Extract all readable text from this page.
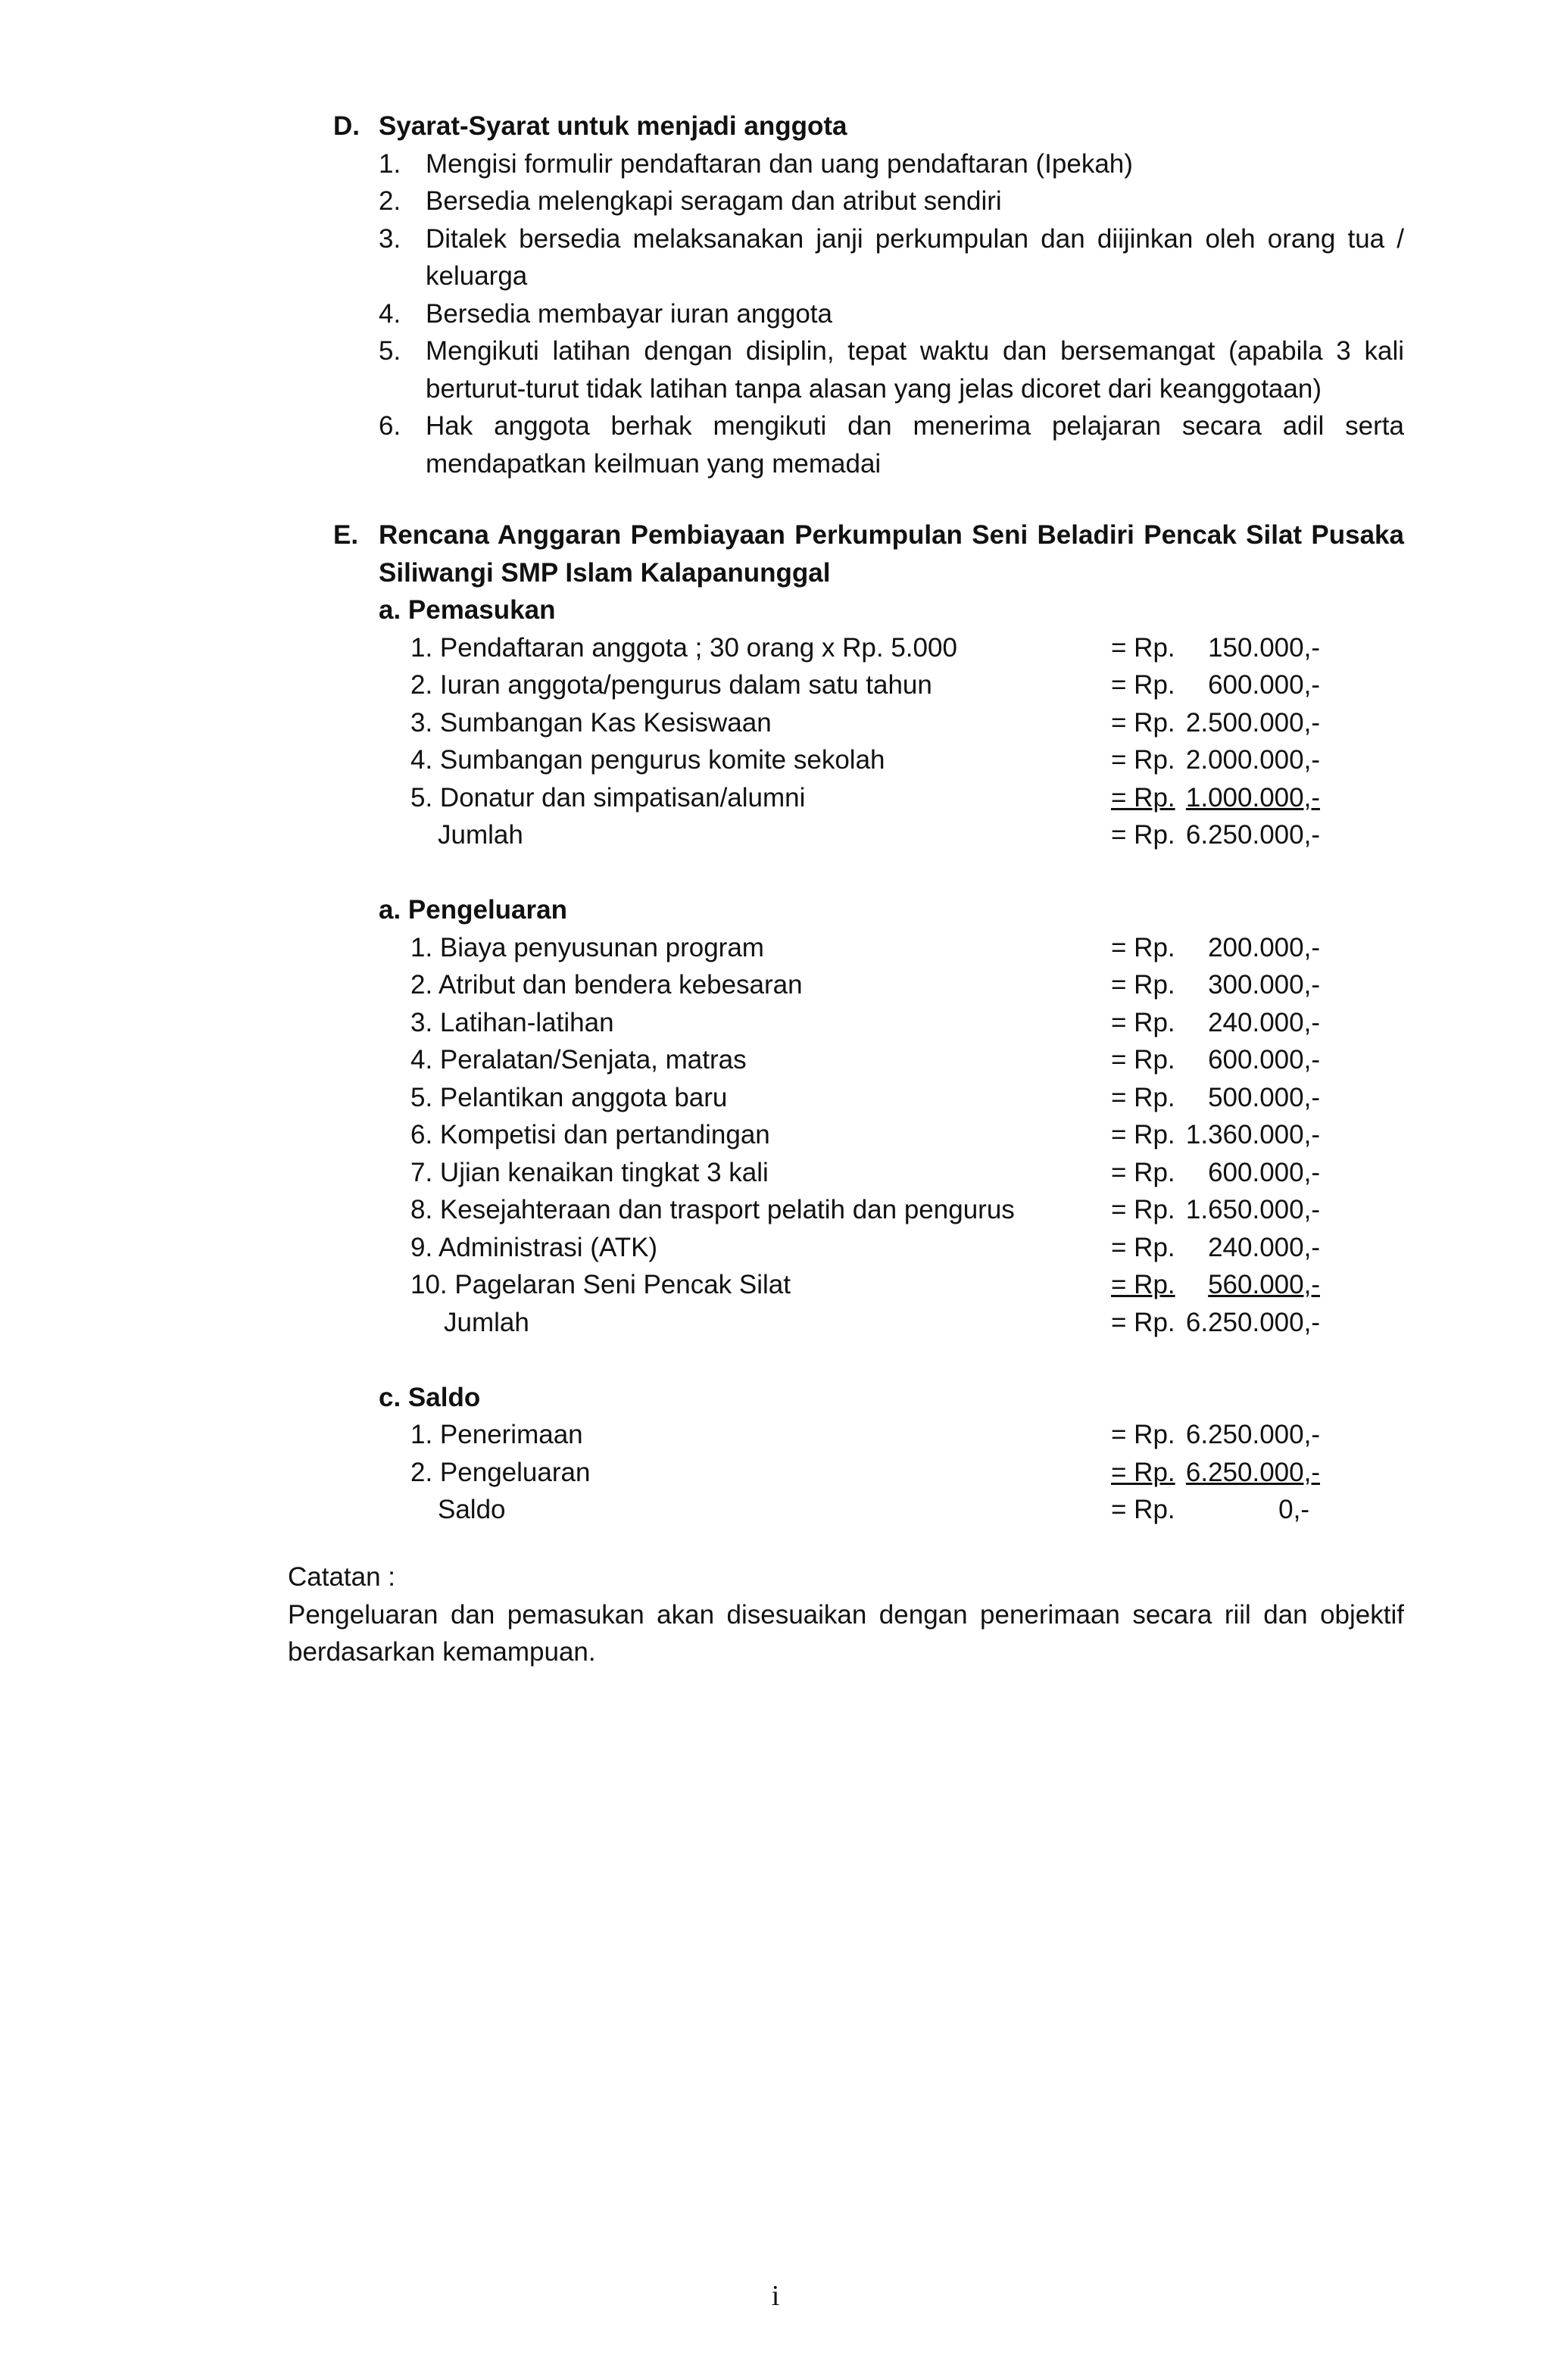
D. Syarat-Syarat untuk menjadi anggota
1. Mengisi formulir pendaftaran dan uang pendaftaran (Ipekah)
2. Bersedia melengkapi seragam dan atribut sendiri
3. Ditalek bersedia melaksanakan janji perkumpulan dan diijinkan oleh orang tua / keluarga
4. Bersedia membayar iuran anggota
5. Mengikuti latihan dengan disiplin, tepat waktu dan bersemangat (apabila 3 kali berturut-turut tidak latihan tanpa alasan yang jelas dicoret dari keanggotaan)
6. Hak anggota berhak mengikuti dan menerima pelajaran secara adil serta mendapatkan keilmuan yang memadai
E. Rencana Anggaran Pembiayaan Perkumpulan Seni Beladiri Pencak Silat Pusaka Siliwangi SMP Islam Kalapanunggal
a. Pemasukan
1. Pendaftaran anggota ; 30 orang x Rp. 5.000	= Rp.	150.000,-
2. Iuran anggota/pengurus dalam satu tahun	= Rp.	600.000,-
3. Sumbangan Kas Kesiswaan	= Rp. 2.500.000,-
4. Sumbangan pengurus komite sekolah	= Rp. 2.000.000,-
5. Donatur dan simpatisan/alumni	= Rp. 1.000.000,-
Jumlah	= Rp. 6.250.000,-
a. Pengeluaran
1. Biaya penyusunan program	= Rp.	200.000,-
2. Atribut dan bendera kebesaran	= Rp.	300.000,-
3. Latihan-latihan	= Rp.	240.000,-
4. Peralatan/Senjata, matras	= Rp.	600.000,-
5. Pelantikan anggota baru	= Rp.	500.000,-
6. Kompetisi dan pertandingan	= Rp. 1.360.000,-
7. Ujian kenaikan tingkat 3 kali	= Rp.	600.000,-
8. Kesejahteraan dan trasport pelatih dan pengurus	= Rp. 1.650.000,-
9. Administrasi (ATK)	= Rp.	240.000,-
10. Pagelaran Seni Pencak Silat	= Rp.	560.000,-
Jumlah	= Rp. 6.250.000,-
c. Saldo
1. Penerimaan	= Rp. 6.250.000,-
2. Pengeluaran	= Rp. 6.250.000,-
Saldo	= Rp.	0,-
Catatan :
Pengeluaran dan pemasukan akan disesuaikan dengan penerimaan secara riil dan objektif berdasarkan kemampuan.
i
